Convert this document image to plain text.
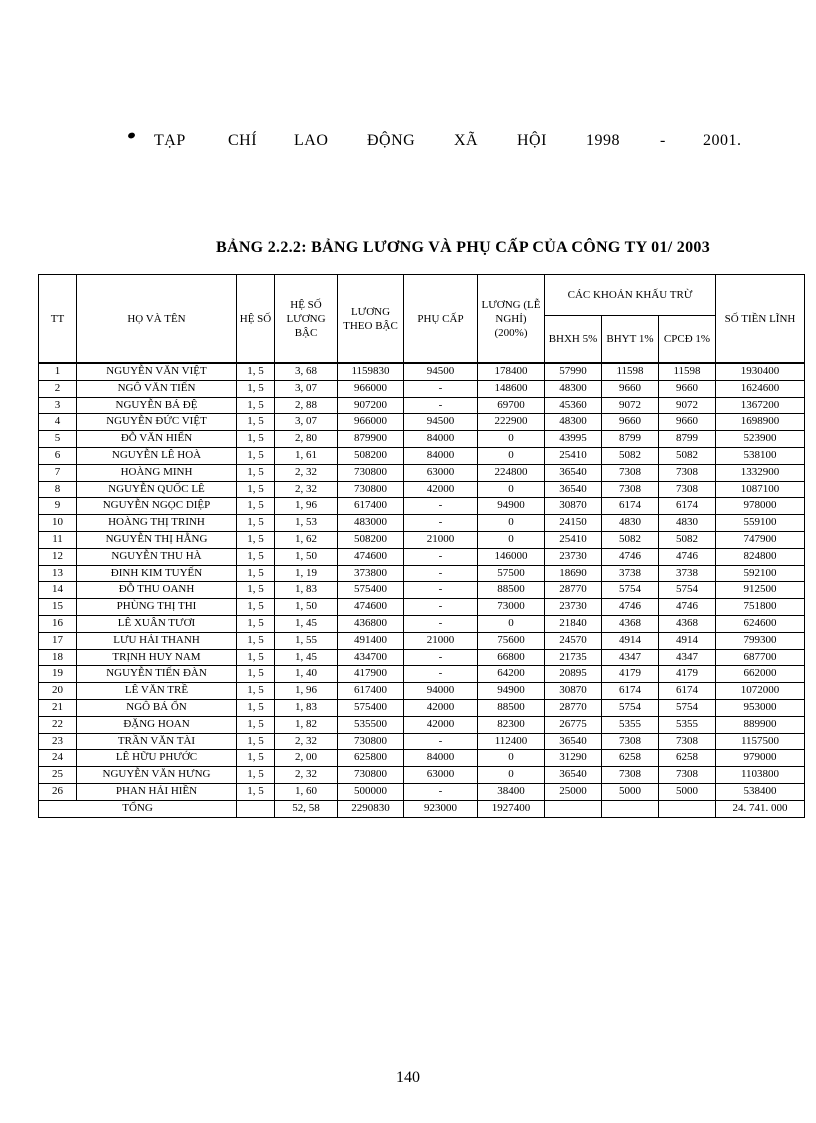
TẠP	CHÍ LAO ĐỘNG XÃ HỘI 1998	- 2001.
BẢNG 2.2.2: BẢNG LƯƠNG VÀ PHỤ CẤP CỦA CÔNG TY 01/ 2003
TT	HỌ VÀ TÊN	HỆ SỐ	HỆ SỐ LƯƠNG BẬC	LƯƠNG THEO BẬC	PHỤ CẤP	LƯƠNG (LỄ NGHỈ) (200%)	CÁC KHOẢN KHẤU TRỪ			SỐ TIỀN LĨNH
							BHXH 5%	BHYT 1%	CPCĐ 1%	
1	NGUYỄN VĂN VIỆT	1, 5	3, 68	1159830	94500	178400	57990	11598	11598	1930400
2	NGÔ VĂN TIẾN	1, 5	3, 07	966000	-	148600	48300	9660	9660	1624600
3	NGUYỄN BÁ ĐỆ	1, 5	2, 88	907200	-	69700	45360	9072	9072	1367200
4	NGUYỄN ĐỨC VIỆT	1, 5	3, 07	966000	94500	222900	48300	9660	9660	1698900
5	ĐỖ VĂN HIỂN	1, 5	2, 80	879900	84000	0	43995	8799	8799	523900
6	NGUYỄN LÊ HOÀ	1, 5	1, 61	508200	84000	0	25410	5082	5082	538100
7	HOÀNG MINH	1, 5	2, 32	730800	63000	224800	36540	7308	7308	1332900
8	NGUYỄN QUỐC LÊ	1, 5	2, 32	730800	42000	0	36540	7308	7308	1087100
9	NGUYỄN NGỌC DIỆP	1, 5	1, 96	617400	-	94900	30870	6174	6174	978000
10	HOÀNG THỊ TRINH	1, 5	1, 53	483000	-	0	24150	4830	4830	559100
11	NGUYỄN THỊ HẰNG	1, 5	1, 62	508200	21000	0	25410	5082	5082	747900
12	NGUYỄN THU HÀ	1, 5	1, 50	474600	-	146000	23730	4746	4746	824800
13	ĐINH KIM TUYẾN	1, 5	1, 19	373800	-	57500	18690	3738	3738	592100
14	ĐỖ THU OANH	1, 5	1, 83	575400	-	88500	28770	5754	5754	912500
15	PHÙNG THỊ THI	1, 5	1, 50	474600	-	73000	23730	4746	4746	751800
16	LÊ XUÂN TƯƠI	1, 5	1, 45	436800	-	0	21840	4368	4368	624600
17	LƯU HẢI THANH	1, 5	1, 55	491400	21000	75600	24570	4914	4914	799300
18	TRỊNH HUY NAM	1, 5	1, 45	434700	-	66800	21735	4347	4347	687700
19	NGUYỄN TIẾN ĐÀN	1, 5	1, 40	417900	-	64200	20895	4179	4179	662000
20	LÊ VĂN TRỀ	1, 5	1, 96	617400	94000	94900	30870	6174	6174	1072000
21	NGÔ BÁ ỔN	1, 5	1, 83	575400	42000	88500	28770	5754	5754	953000
22	ĐẶNG HOAN	1, 5	1, 82	535500	42000	82300	26775	5355	5355	889900
23	TRẦN VĂN TÀI	1, 5	2, 32	730800	-	112400	36540	7308	7308	1157500
24	LÊ HỮU PHƯỚC	1, 5	2, 00	625800	84000	0	31290	6258	6258	979000
25	NGUYỄN VĂN HƯNG	1, 5	2, 32	730800	63000	0	36540	7308	7308	1103800
26	PHAN HẢI HIỀN	1, 5	1, 60	500000	-	38400	25000	5000	5000	538400
TỔNG			52, 58	2290830	923000	1927400				24. 741. 000
140
